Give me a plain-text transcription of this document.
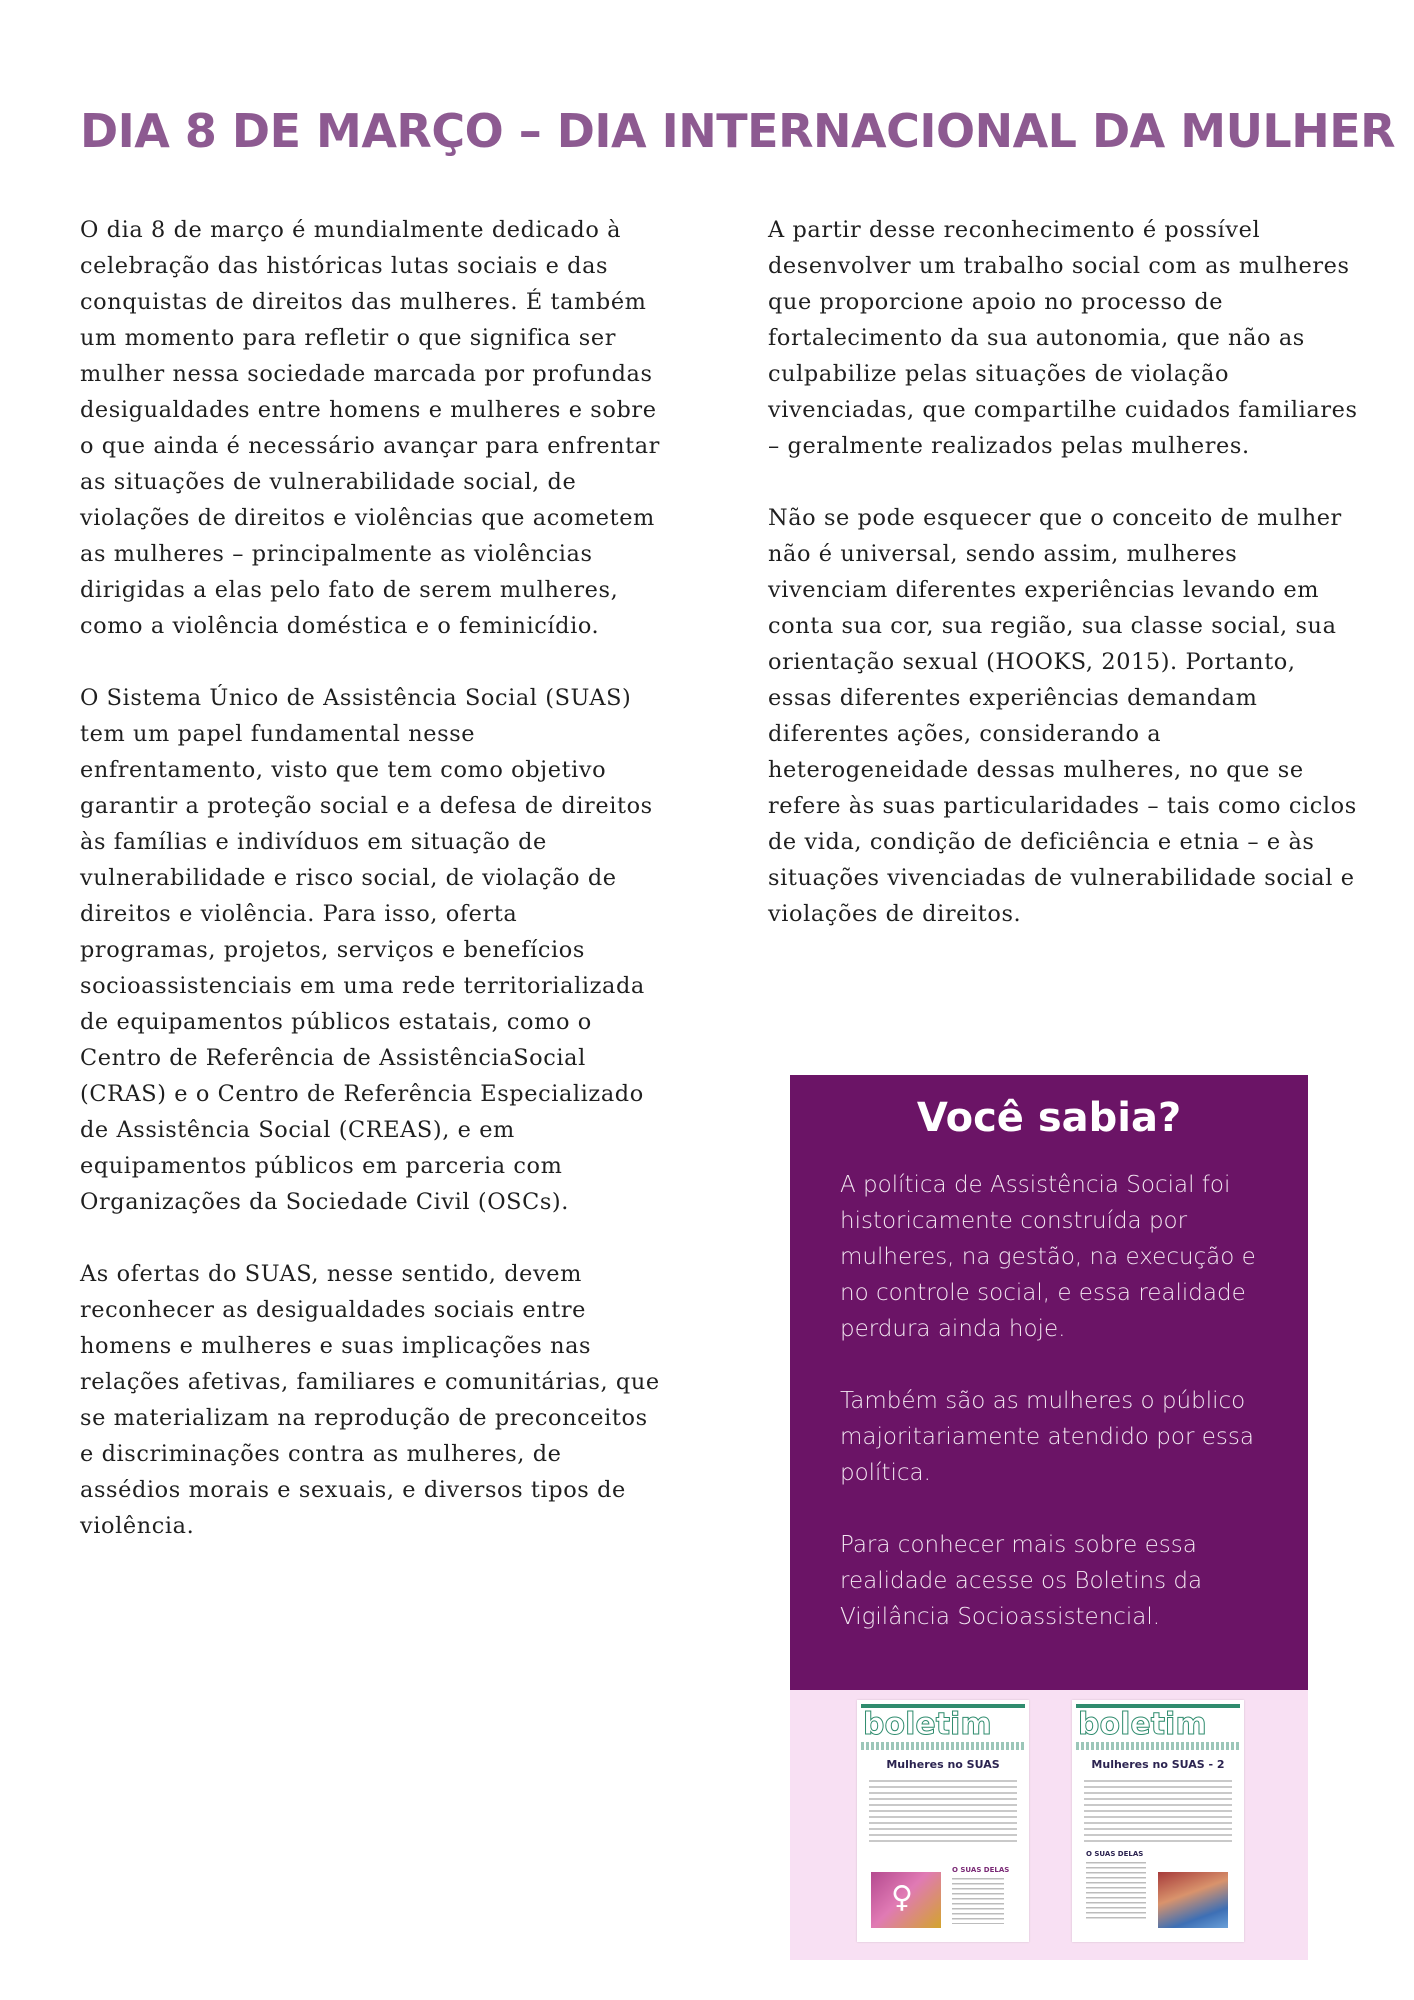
DIA 8 DE MARÇO – DIA INTERNACIONAL DA MULHER

O dia 8 de março é mundialmente dedicado à celebração das históricas lutas sociais e das conquistas de direitos das mulheres. É também um momento para refletir o que significa ser mulher nessa sociedade marcada por profundas desigualdades entre homens e mulheres e sobre o que ainda é necessário avançar para enfrentar as situações de vulnerabilidade social, de violações de direitos e violências que acometem as mulheres – principalmente as violências dirigidas a elas pelo fato de serem mulheres, como a violência doméstica e o feminicídio.

O Sistema Único de Assistência Social (SUAS) tem um papel fundamental nesse enfrentamento, visto que tem como objetivo garantir a proteção social e a defesa de direitos às famílias e indivíduos em situação de vulnerabilidade e risco social, de violação de direitos e violência. Para isso, oferta programas, projetos, serviços e benefícios socioassistenciais em uma rede territorializada de equipamentos públicos estatais, como o Centro de Referência de AssistênciaSocial (CRAS) e o Centro de Referência Especializado de Assistência Social (CREAS), e em equipamentos públicos em parceria com Organizações da Sociedade Civil (OSCs).

As ofertas do SUAS, nesse sentido, devem reconhecer as desigualdades sociais entre homens e mulheres e suas implicações nas relações afetivas, familiares e comunitárias, que se materializam na reprodução de preconceitos e discriminações contra as mulheres, de assédios morais e sexuais, e diversos tipos de violência.

A partir desse reconhecimento é possível desenvolver um trabalho social com as mulheres que proporcione apoio no processo de fortalecimento da sua autonomia, que não as culpabilize pelas situações de violação vivenciadas, que compartilhe cuidados familiares – geralmente realizados pelas mulheres.

Não se pode esquecer que o conceito de mulher não é universal, sendo assim, mulheres vivenciam diferentes experiências levando em conta sua cor, sua região, sua classe social, sua orientação sexual (HOOKS, 2015). Portanto, essas diferentes experiências demandam diferentes ações, considerando a heterogeneidade dessas mulheres, no que se refere às suas particularidades – tais como ciclos de vida, condição de deficiência e etnia – e às situações vivenciadas de vulnerabilidade social e violações de direitos.

Você sabia?

A política de Assistência Social foi historicamente construída por mulheres, na gestão, na execução e no controle social, e essa realidade perdura ainda hoje.

Também são as mulheres o público majoritariamente atendido por essa política.

Para conhecer mais sobre essa realidade acesse os Boletins da Vigilância Socioassistencial.

boletim
Mulheres no SUAS
♀
O SUAS DELAS
boletim
Mulheres no SUAS - 2
O SUAS DELAS
